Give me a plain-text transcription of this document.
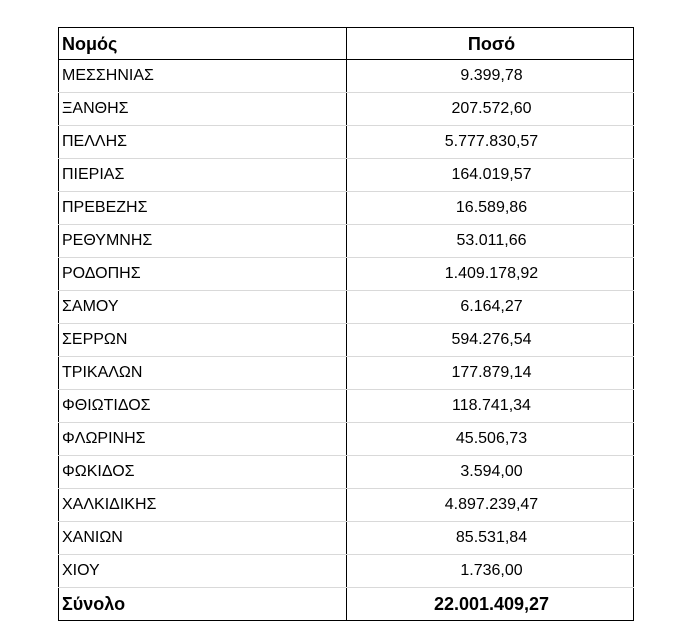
Νομός	Ποσό
ΜΕΣΣΗΝΙΑΣ	9.399,78
ΞΑΝΘΗΣ	207.572,60
ΠΕΛΛΗΣ	5.777.830,57
ΠΙΕΡΙΑΣ	164.019,57
ΠΡΕΒΕΖΗΣ	16.589,86
ΡΕΘΥΜΝΗΣ	53.011,66
ΡΟΔΟΠΗΣ	1.409.178,92
ΣΑΜΟΥ	6.164,27
ΣΕΡΡΩΝ	594.276,54
ΤΡΙΚΑΛΩΝ	177.879,14
ΦΘΙΩΤΙΔΟΣ	118.741,34
ΦΛΩΡΙΝΗΣ	45.506,73
ΦΩΚΙΔΟΣ	3.594,00
ΧΑΛΚΙΔΙΚΗΣ	4.897.239,47
ΧΑΝΙΩΝ	85.531,84
ΧΙΟΥ	1.736,00
Σύνολο	22.001.409,27
